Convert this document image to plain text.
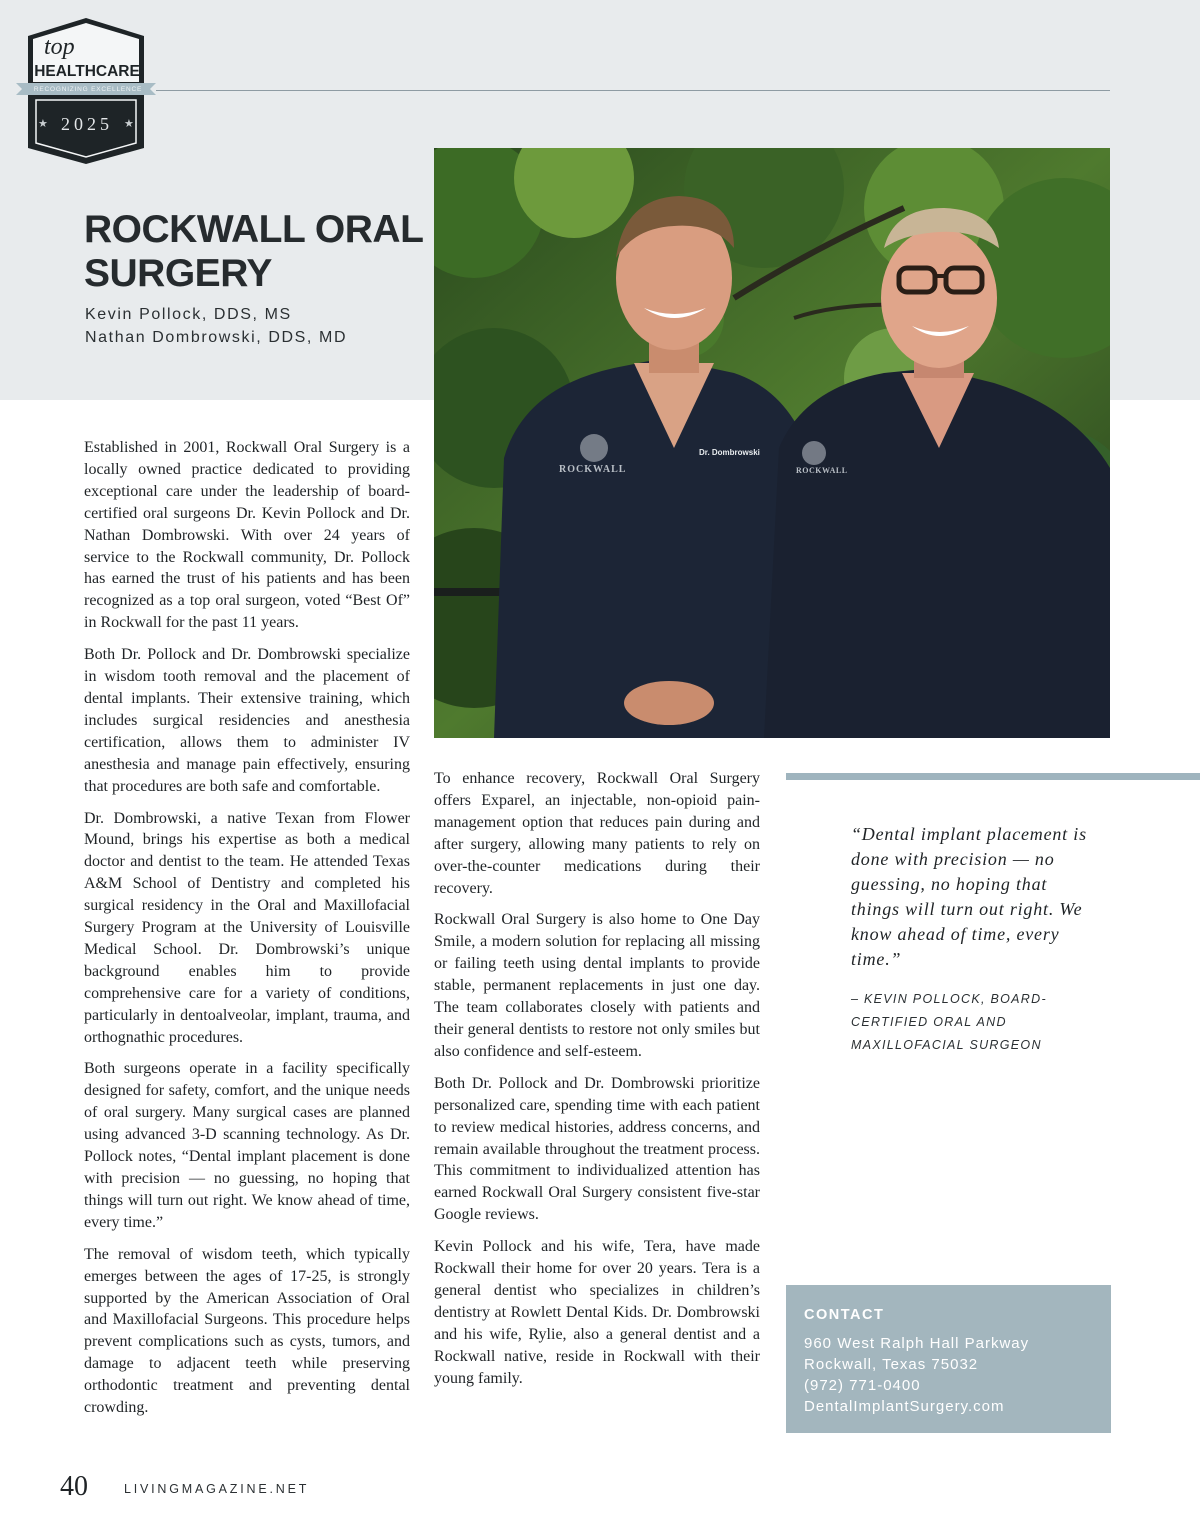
top
HEALTHCARE
RECOGNIZING EXCELLENCE
★ 2025	★
ROCKWALL ORAL SURGERY
Kevin Pollock, DDS, MS
Nathan Dombrowski, DDS, MD
ROCKWALL
Dr. Dombrowski
ROCKWALL

Established in 2001, Rockwall Oral Surgery is a locally owned practice dedicated to providing exceptional care under the leadership of board-certified oral surgeons Dr. Kevin Pollock and Dr. Nathan Dombrowski. With over 24 years of service to the Rockwall community, Dr. Pollock has earned the trust of his patients and has been recognized as a top oral surgeon, voted “Best Of” in Rockwall for the past 11 years.

Both Dr. Pollock and Dr. Dombrowski specialize in wisdom tooth removal and the placement of dental implants. Their extensive training, which includes surgical residencies and anesthesia certification, allows them to administer IV anesthesia and manage pain effectively, ensuring that procedures are both safe and comfortable.

Dr. Dombrowski, a native Texan from Flower Mound, brings his expertise as both a medical doctor and dentist to the team. He attended Texas A&M School of Dentistry and completed his surgical residency in the Oral and Maxillofacial Surgery Program at the University of Louisville Medical School. Dr. Dombrowski’s unique background enables him to provide comprehensive care for a variety of conditions, particularly in dentoalveolar, implant, trauma, and orthognathic procedures.

Both surgeons operate in a facility specifically designed for safety, comfort, and the unique needs of oral surgery. Many surgical cases are planned using advanced 3-D scanning technology. As Dr. Pollock notes, “Dental implant placement is done with precision — no guessing, no hoping that things will turn out right. We know ahead of time, every time.”

The removal of wisdom teeth, which typically emerges between the ages of 17-25, is strongly supported by the American Association of Oral and Maxillofacial Surgeons. This procedure helps prevent complications such as cysts, tumors, and damage to adjacent teeth while preserving orthodontic treatment and preventing dental crowding.

To enhance recovery, Rockwall Oral Surgery offers Exparel, an injectable, non-opioid pain-management option that reduces pain during and after surgery, allowing many patients to rely on over-the-counter medications during their recovery.

Rockwall Oral Surgery is also home to One Day Smile, a modern solution for replacing all missing or failing teeth using dental implants to provide stable, permanent replacements in just one day. The team collaborates closely with patients and their general dentists to restore not only smiles but also confidence and self-esteem.

Both Dr. Pollock and Dr. Dombrowski prioritize personalized care, spending time with each patient to review medical histories, address concerns, and remain available throughout the treatment process. This commitment to individualized attention has earned Rockwall Oral Surgery consistent five-star Google reviews.

Kevin Pollock and his wife, Tera, have made Rockwall their home for over 20 years. Tera is a general dentist who specializes in children’s dentistry at Rowlett Dental Kids. Dr. Dombrowski and his wife, Rylie, also a general dentist and a Rockwall native, reside in Rockwall with their young family.

“Dental implant placement is done with precision — no guessing, no hoping that things will turn out right. We know ahead of time, every time.”

– KEVIN POLLOCK, BOARD-CERTIFIED ORAL AND MAXILLOFACIAL SURGEON
CONTACT
960 West Ralph Hall Parkway
Rockwall, Texas 75032
(972) 771-0400
DentalImplantSurgery.com
40	LIVINGMAGAZINE.NET
